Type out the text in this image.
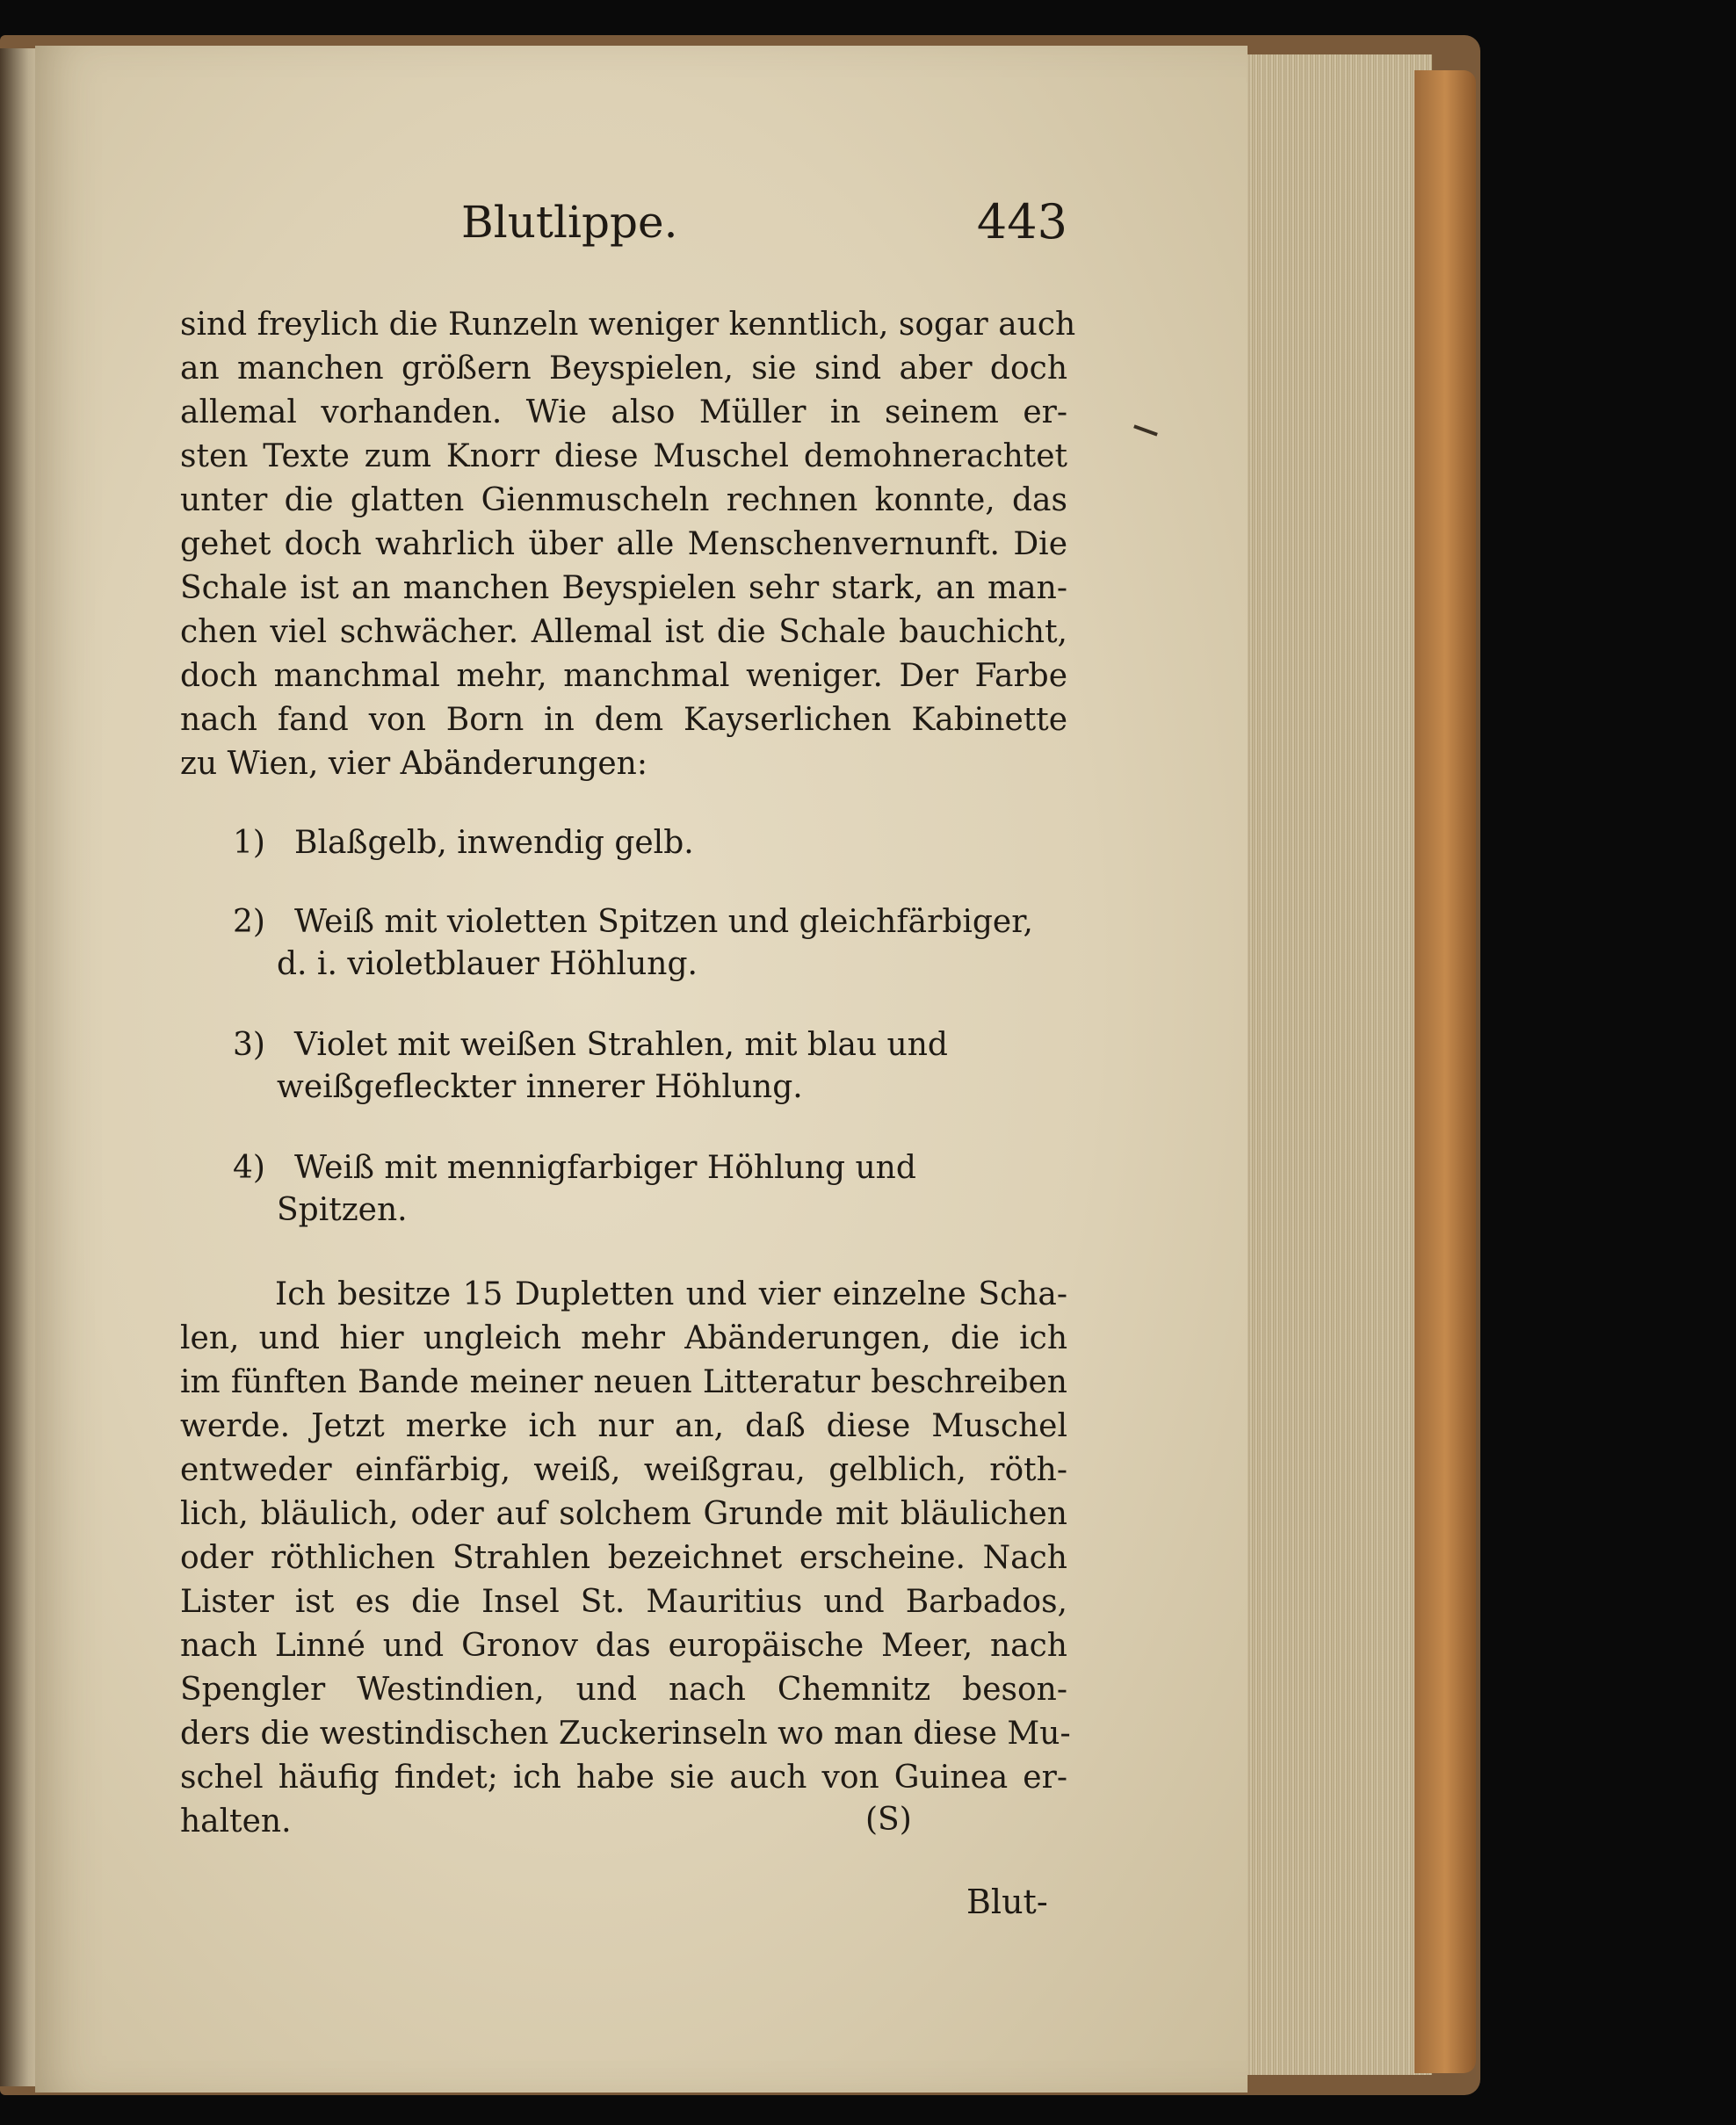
Blutlippe.	443
sind freylich die Runzeln weniger kenntlich, sogar auch
an manchen größern Beyspielen, sie sind aber doch
allemal vorhanden. Wie also Müller in seinem er-
sten Texte zum Knorr diese Muschel demohnerachtet
unter die glatten Gienmuscheln rechnen konnte, das
gehet doch wahrlich über alle Menschenvernunft. Die
Schale ist an manchen Beyspielen sehr stark, an man-
chen viel schwächer. Allemal ist die Schale bauchicht,
doch manchmal mehr, manchmal weniger. Der Farbe
nach fand von Born in dem Kayserlichen Kabinette
zu Wien, vier Abänderungen:
1) Blaßgelb, inwendig gelb.
2) Weiß mit violetten Spitzen und gleichfärbiger,
d. i. violetblauer Höhlung.
3) Violet mit weißen Strahlen, mit blau und
weißgefleckter innerer Höhlung.
4) Weiß mit mennigfarbiger Höhlung und
Spitzen.
Ich besitze 15 Dupletten und vier einzelne Scha-
len, und hier ungleich mehr Abänderungen, die ich
im fünften Bande meiner neuen Litteratur beschreiben
werde. Jetzt merke ich nur an, daß diese Muschel
entweder einfärbig, weiß, weißgrau, gelblich, röth-
lich, bläulich, oder auf solchem Grunde mit bläulichen
oder röthlichen Strahlen bezeichnet erscheine. Nach
Lister ist es die Insel St. Mauritius und Barbados,
nach Linné und Gronov das europäische Meer, nach
Spengler Westindien, und nach Chemnitz beson-
ders die westindischen Zuckerinseln wo man diese Mu-
schel häufig findet; ich habe sie auch von Guinea er-
halten.	(S)
Blut-
